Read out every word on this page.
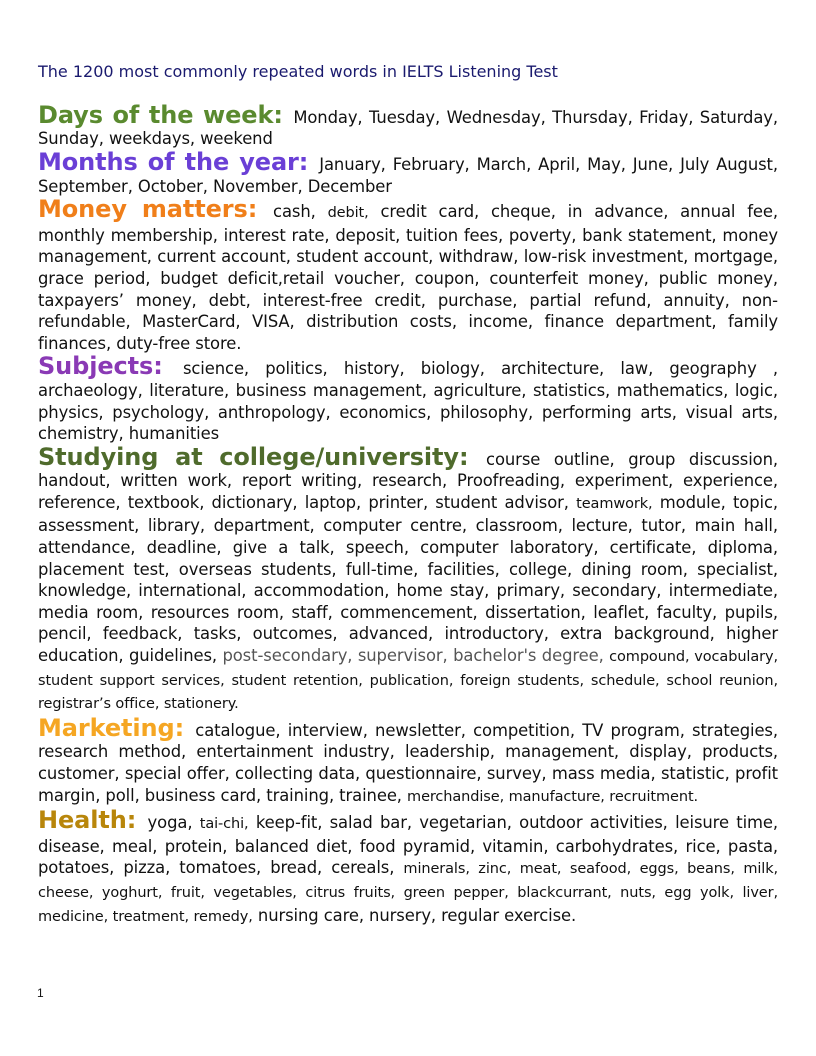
The 1200 most commonly repeated words in IELTS Listening Test

Days of the week: Monday, Tuesday, Wednesday, Thursday, Friday, Saturday, Sunday, weekdays, weekend

Months of the year: January, February, March, April, May, June, July August, September, October, November, December

Money matters: cash, debit, credit card, cheque, in advance, annual fee, monthly membership, interest rate, deposit, tuition fees, poverty, bank statement, money management, current account, student account, withdraw, low-risk investment, mortgage, grace period, budget deficit,retail voucher, coupon, counterfeit money, public money, taxpayers’ money, debt, interest-free credit, purchase, partial refund, annuity, non-refundable, MasterCard, VISA, distribution costs, income, finance department, family finances, duty-free store.

Subjects: science, politics, history, biology, architecture, law, geography , archaeology, literature, business management, agriculture, statistics, mathematics, logic, physics, psychology, anthropology, economics, philosophy, performing arts, visual arts, chemistry, humanities

Studying at college/university: course outline, group discussion, handout, written work, report writing, research, Proofreading, experiment, experience, reference, textbook, dictionary, laptop, printer, student advisor, teamwork, module, topic, assessment, library, department, computer centre, classroom, lecture, tutor, main hall, attendance, deadline, give a talk, speech, computer laboratory, certificate, diploma, placement test, overseas students, full-time, facilities, college, dining room, specialist, knowledge, international, accommodation, home stay, primary, secondary, intermediate, media room, resources room, staff, commencement, dissertation, leaflet, faculty, pupils, pencil, feedback, tasks, outcomes, advanced, introductory, extra background, higher education, guidelines, post-secondary, supervisor, bachelor's degree, compound, vocabulary, student support services, student retention, publication, foreign students, schedule, school reunion, registrar’s office, stationery.

Marketing: catalogue, interview, newsletter, competition, TV program, strategies, research method, entertainment industry, leadership, management, display, products, customer, special offer, collecting data, questionnaire, survey, mass media, statistic, profit margin, poll, business card, training, trainee, merchandise, manufacture, recruitment.

Health: yoga, tai-chi, keep-fit, salad bar, vegetarian, outdoor activities, leisure time, disease, meal, protein, balanced diet, food pyramid, vitamin, carbohydrates, rice, pasta, potatoes, pizza, tomatoes, bread, cereals, minerals, zinc, meat, seafood, eggs, beans, milk, cheese, yoghurt, fruit, vegetables, citrus fruits, green pepper, blackcurrant, nuts, egg yolk, liver, medicine, treatment, remedy, nursing care, nursery, regular exercise.

1
